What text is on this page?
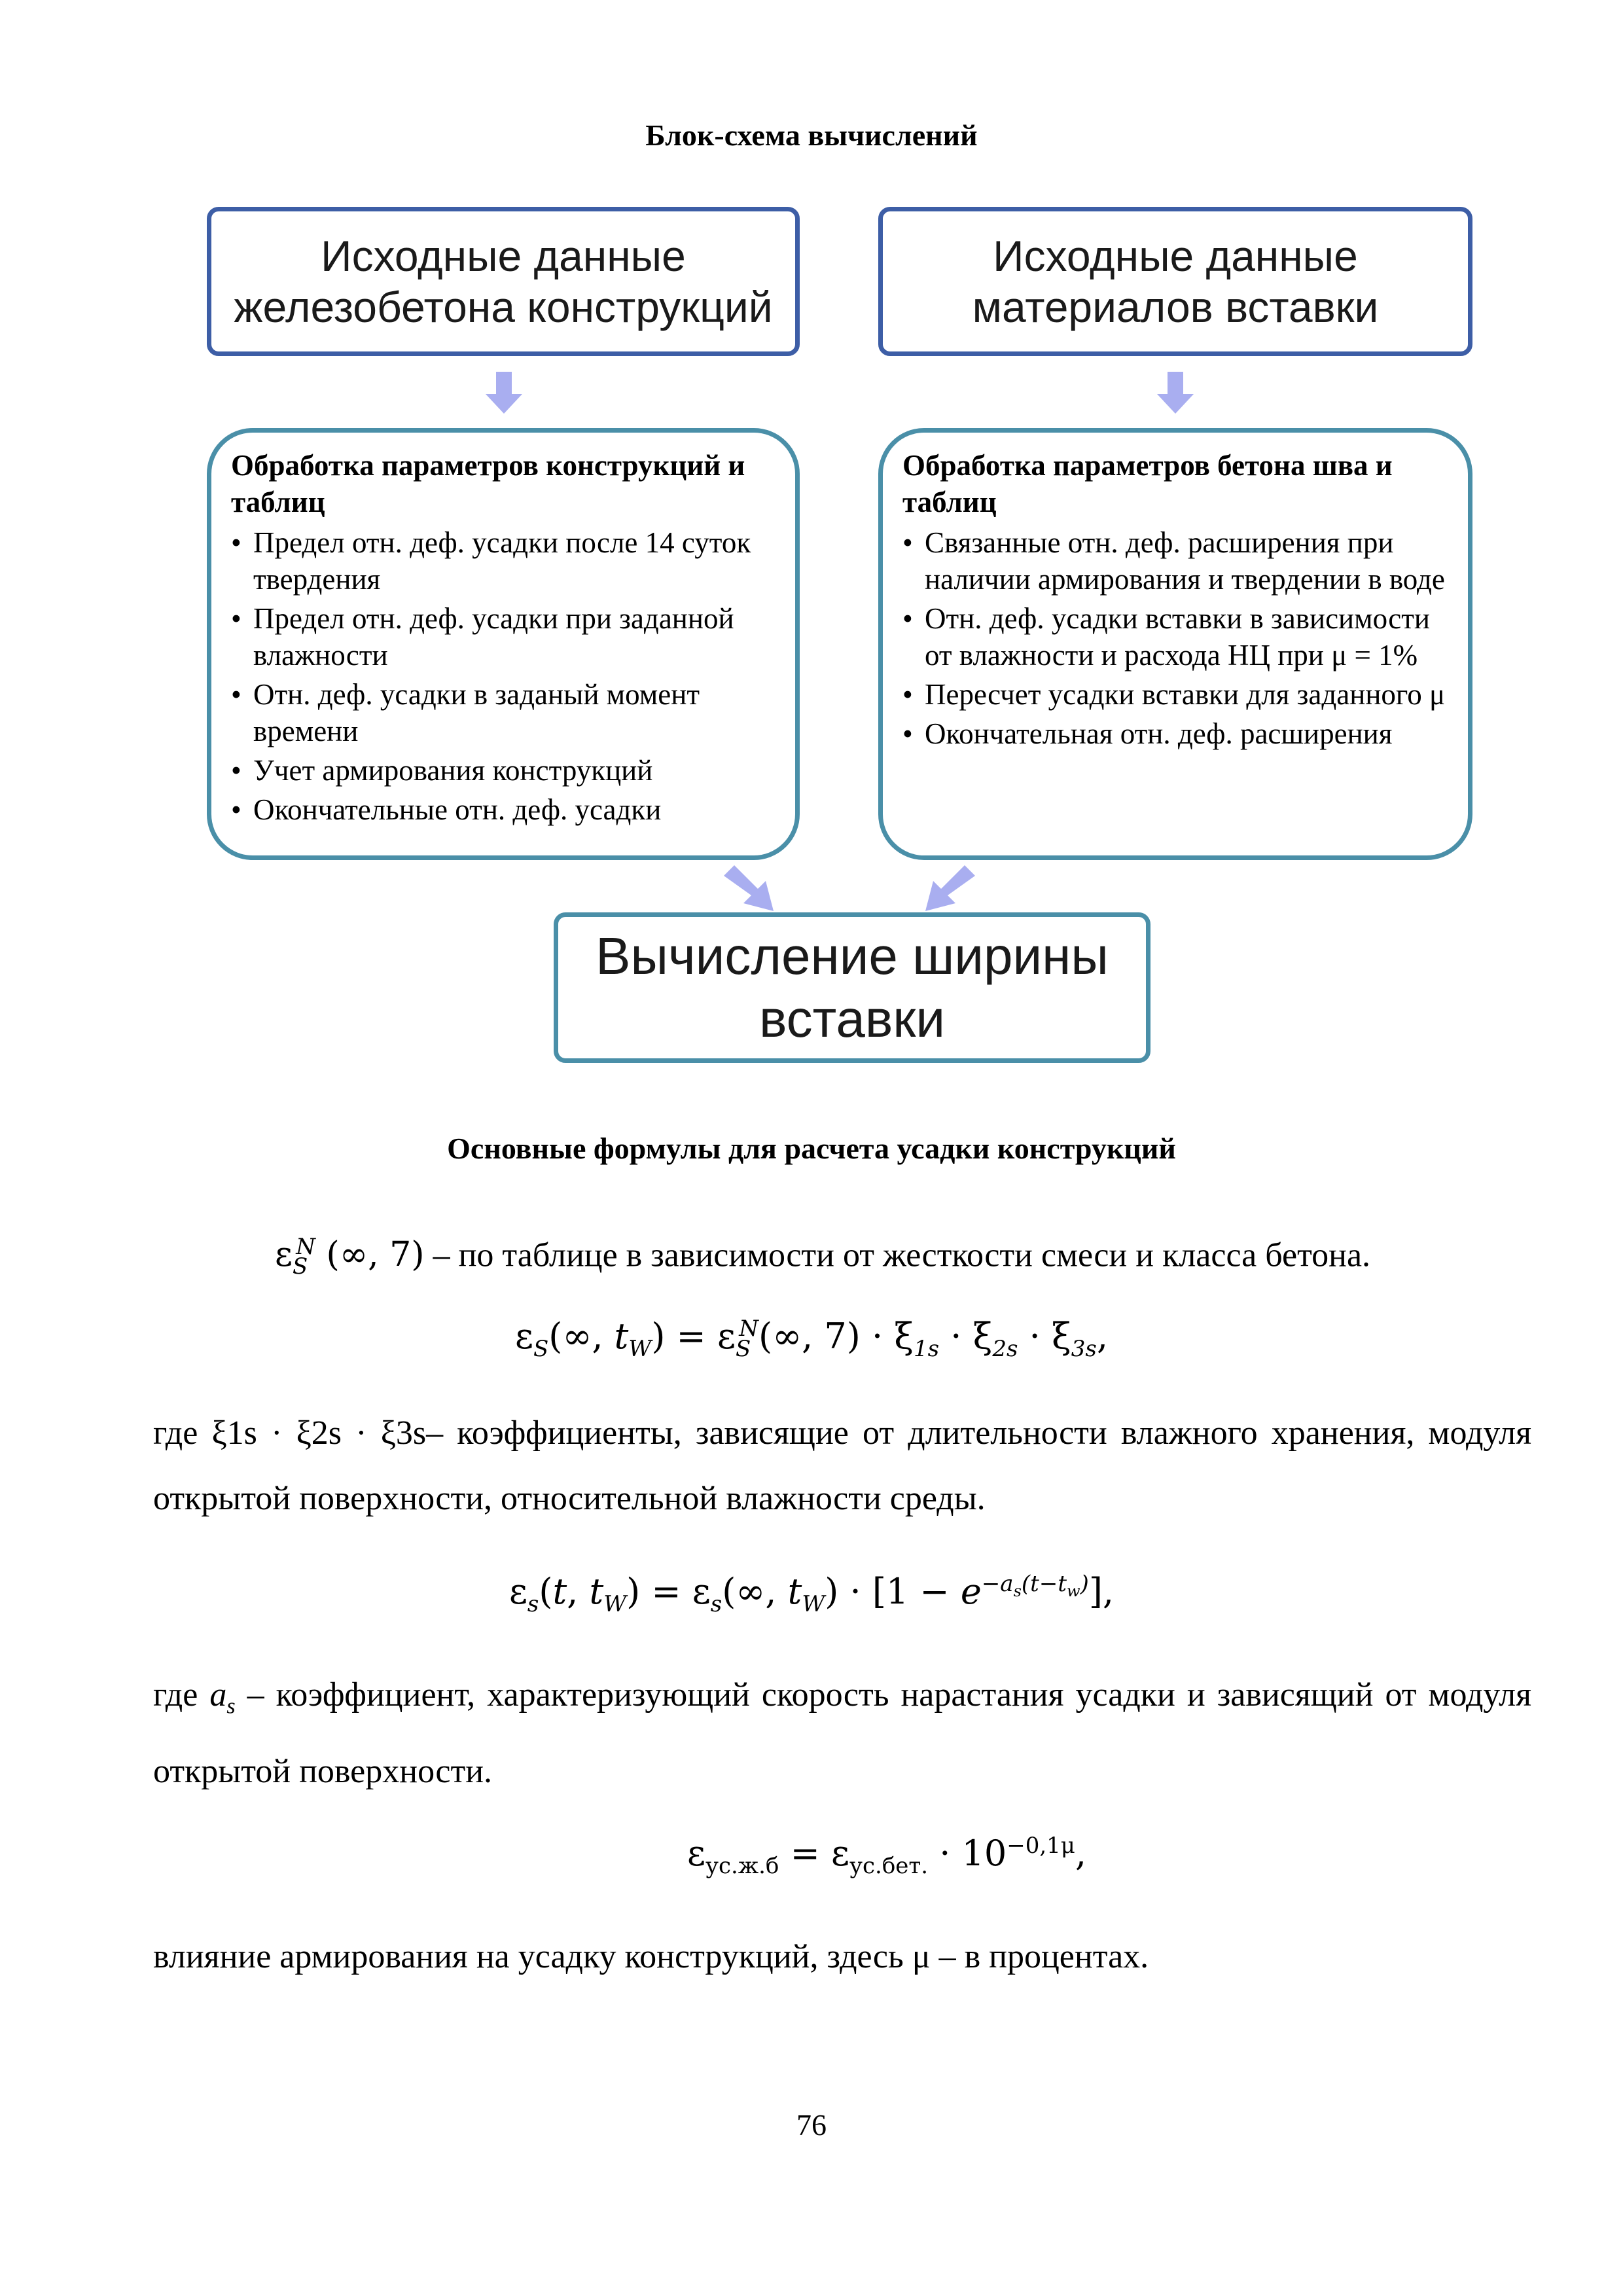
Блок-схема вычислений
Исходные данные
железобетона конструкций
Исходные данные
материалов вставки
Обработка параметров конструкций и таблиц
• Предел отн. деф. усадки после 14 суток твердения
• Предел отн. деф. усадки при заданной влажности
• Отн. деф. усадки в заданый момент времени
• Учет армирования конструкций
• Окончательные отн. деф. усадки
Обработка параметров бетона шва и таблиц
• Связанные отн. деф. расширения при наличии армирования и твердении в воде
• Отн. деф. усадки вставки в зависимости от влажности и расхода НЦ при μ = 1%
• Пересчет усадки вставки для заданного μ
• Окончательная отн. деф. расширения
Вычисление ширины
вставки
Основные формулы для расчета усадки конструкций
$\varepsilon_S^N$ (∞, 7) – по таблице в зависимости от жесткости смеси и класса бетона.
$\varepsilon_S(\infty$, $t_W) = \varepsilon_S^N(\infty$, $7) \cdot \xi_{1s} \cdot \xi_{2s} \cdot \xi_{3s}$,
где ξ1s · ξ2s · ξ3s– коэффициенты, зависящие от длительности влажного хранения, модуля открытой поверхности, относительной влажности среды.
$\varepsilon_s(t$, $t_W) = \varepsilon_s(\infty$, $t_W) \cdot [1 - e^{-a_s(t-t_w)}]$,
где $a_s$ – коэффициент, характеризующий скорость нарастания усадки и зависящий от модуля открытой поверхности.
$\varepsilon_{ус.ж.б} = \varepsilon_{ус.бет.} \cdot 10^{-0,1\mu}$,
влияние армирования на усадку конструкций, здесь μ – в процентах.
76
